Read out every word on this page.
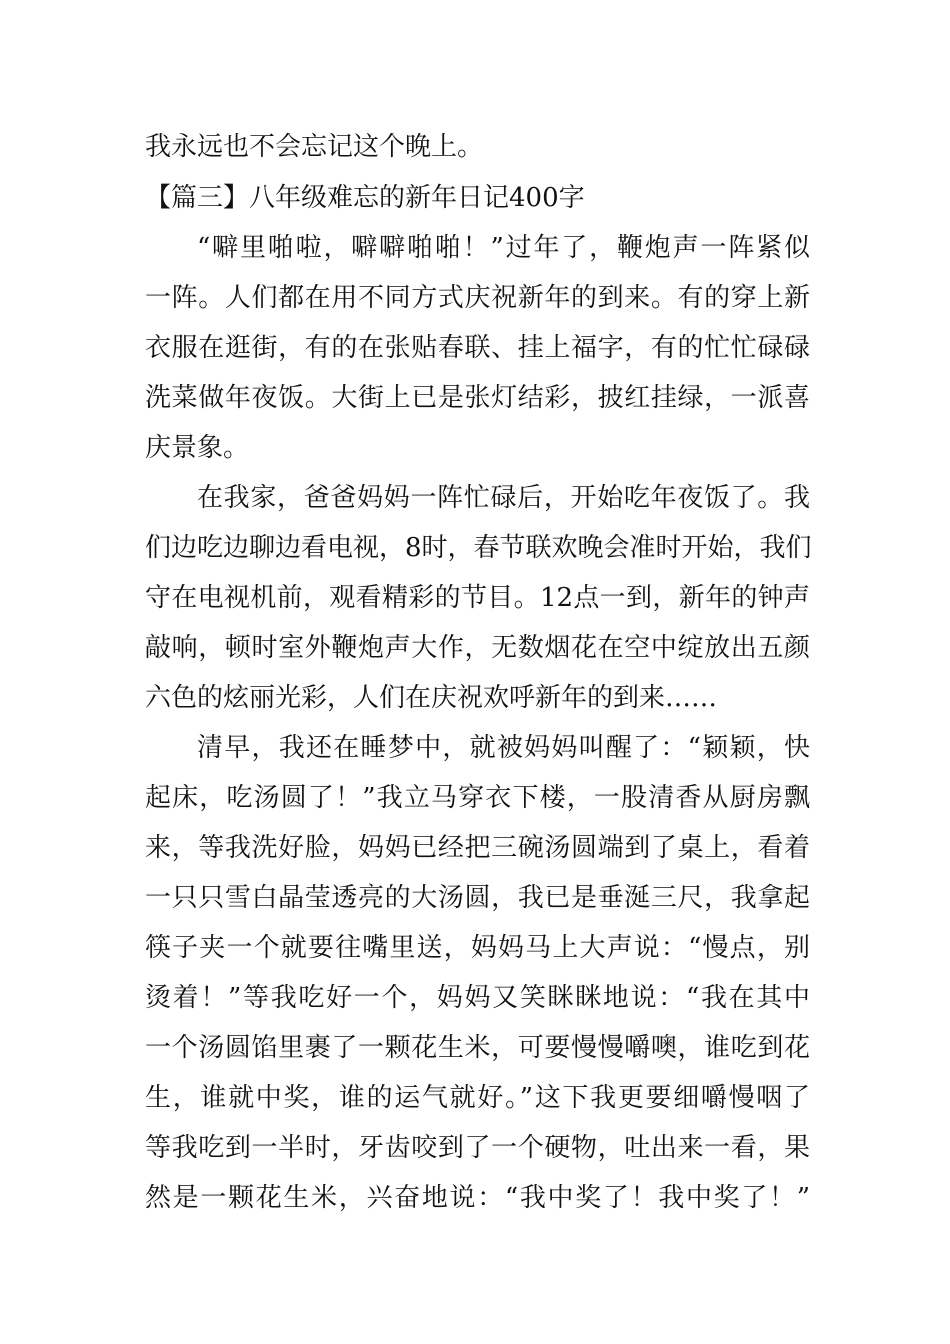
我永远也不会忘记这个晚上。
【篇三】八年级难忘的新年日记400字
“噼里啪啦，噼噼啪啪！”过年了，鞭炮声一阵紧似
一阵。人们都在用不同方式庆祝新年的到来。有的穿上新
衣服在逛街，有的在张贴春联、挂上福字，有的忙忙碌碌
洗菜做年夜饭。大街上已是张灯结彩，披红挂绿，一派喜
庆景象。
在我家，爸爸妈妈一阵忙碌后，开始吃年夜饭了。我
们边吃边聊边看电视，8时，春节联欢晚会准时开始，我们
守在电视机前，观看精彩的节目。12点一到，新年的钟声
敲响，顿时室外鞭炮声大作，无数烟花在空中绽放出五颜
六色的炫丽光彩，人们在庆祝欢呼新年的到来……
清早，我还在睡梦中，就被妈妈叫醒了：“颖颖，快
起床，吃汤圆了！”我立马穿衣下楼，一股清香从厨房飘
来，等我洗好脸，妈妈已经把三碗汤圆端到了桌上，看着
一只只雪白晶莹透亮的大汤圆，我已是垂涎三尺，我拿起
筷子夹一个就要往嘴里送，妈妈马上大声说：“慢点，别
烫着！”等我吃好一个，妈妈又笑眯眯地说：“我在其中
一个汤圆馅里裹了一颗花生米，可要慢慢嚼噢，谁吃到花
生，谁就中奖，谁的运气就好。”这下我更要细嚼慢咽了
等我吃到一半时，牙齿咬到了一个硬物，吐出来一看，果
然是一颗花生米，兴奋地说：“我中奖了！我中奖了！”
